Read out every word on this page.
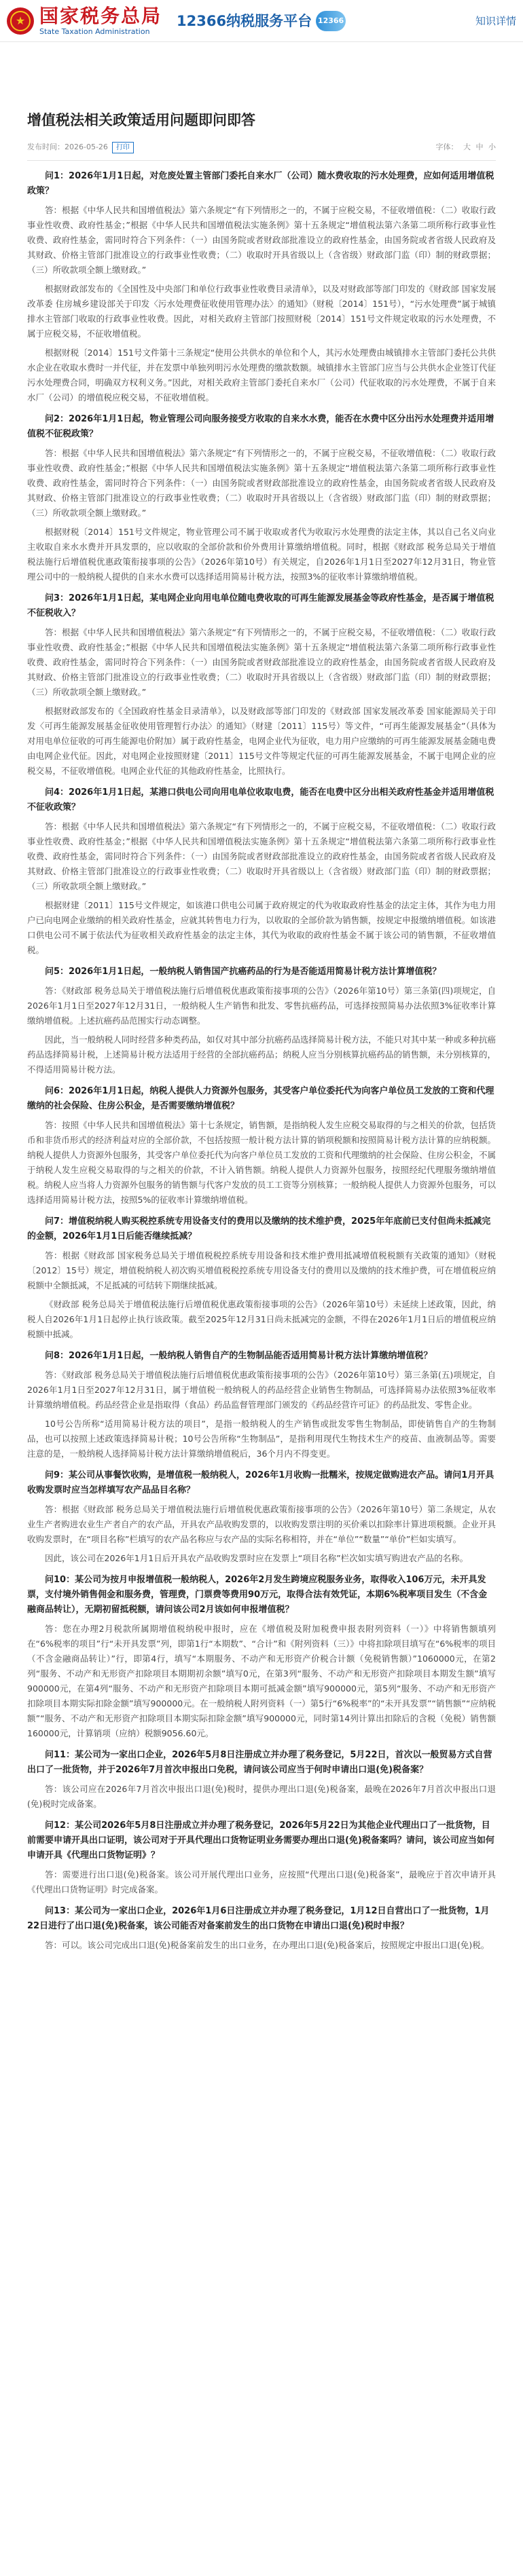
★ 国家税务总局
State Taxation Administration
12366纳税服务平台 12366	知识详情
增值税法相关政策适用问题即问即答
发布时间： 2026-05-26	打印	字体： 大 中 小

问1：2026年1月1日起，对危废处置主管部门委托自来水厂（公司）随水费收取的污水处理费，应如何适用增值税政策？

答：根据《中华人民共和国增值税法》第六条规定“有下列情形之一的，不属于应税交易，不征收增值税：（二）收取行政事业性收费、政府性基金；”根据《中华人民共和国增值税法实施条例》第十五条规定“增值税法第六条第二项所称行政事业性收费、政府性基金，需同时符合下列条件：（一）由国务院或者财政部批准设立的政府性基金，由国务院或者省级人民政府及其财政、价格主管部门批准设立的行政事业性收费；（二）收取时开具省级以上（含省级）财政部门监（印）制的财政票据；（三）所收款项全额上缴财政。”

根据财政部发布的《全国性及中央部门和单位行政事业性收费目录清单》，以及对财政部等部门印发的《财政部 国家发展改革委 住房城乡建设部关于印发〈污水处理费征收使用管理办法〉的通知》（财税〔2014〕151号），“污水处理费”属于城镇排水主管部门收取的行政事业性收费。因此，对相关政府主管部门按照财税〔2014〕151号文件规定收取的污水处理费，不属于应税交易，不征收增值税。

根据财税〔2014〕151号文件第十三条规定“使用公共供水的单位和个人，其污水处理费由城镇排水主管部门委托公共供水企业在收取水费时一并代征，并在发票中单独列明污水处理费的缴款数额。城镇排水主管部门应当与公共供水企业签订代征污水处理费合同，明确双方权利义务。”因此，对相关政府主管部门委托自来水厂（公司）代征收取的污水处理费，不属于自来水厂（公司）的增值税应税交易，不征收增值税。

问2：2026年1月1日起，物业管理公司向服务接受方收取的自来水水费，能否在水费中区分出污水处理费并适用增值税不征税政策？

答：根据《中华人民共和国增值税法》第六条规定“有下列情形之一的，不属于应税交易，不征收增值税：（二）收取行政事业性收费、政府性基金；”根据《中华人民共和国增值税法实施条例》第十五条规定“增值税法第六条第二项所称行政事业性收费、政府性基金，需同时符合下列条件：（一）由国务院或者财政部批准设立的政府性基金，由国务院或者省级人民政府及其财政、价格主管部门批准设立的行政事业性收费；（二）收取时开具省级以上（含省级）财政部门监（印）制的财政票据；（三）所收款项全额上缴财政。”

根据财税〔2014〕151号文件规定，物业管理公司不属于收取或者代为收取污水处理费的法定主体，其以自己名义向业主收取自来水水费并开具发票的，应以收取的全部价款和价外费用计算缴纳增值税。同时，根据《财政部 税务总局关于增值税法施行后增值税优惠政策衔接事项的公告》（2026年第10号）有关规定，自2026年1月1日至2027年12月31日，物业管理公司中的一般纳税人提供的自来水水费可以选择适用简易计税方法，按照3%的征收率计算缴纳增值税。

问3：2026年1月1日起，某电网企业向用电单位随电费收取的可再生能源发展基金等政府性基金，是否属于增值税不征税收入？

答：根据《中华人民共和国增值税法》第六条规定“有下列情形之一的，不属于应税交易，不征收增值税：（二）收取行政事业性收费、政府性基金；”根据《中华人民共和国增值税法实施条例》第十五条规定“增值税法第六条第二项所称行政事业性收费、政府性基金，需同时符合下列条件：（一）由国务院或者财政部批准设立的政府性基金，由国务院或者省级人民政府及其财政、价格主管部门批准设立的行政事业性收费；（二）收取时开具省级以上（含省级）财政部门监（印）制的财政票据；（三）所收款项全额上缴财政。”

根据财政部发布的《全国政府性基金目录清单》，以及财政部等部门印发的《财政部 国家发展改革委 国家能源局关于印发〈可再生能源发展基金征收使用管理暂行办法〉的通知》（财建〔2011〕115号）等文件，“可再生能源发展基金”（具体为对用电单位征收的可再生能源电价附加）属于政府性基金，电网企业代为征收，电力用户应缴纳的可再生能源发展基金随电费由电网企业代征。因此，对电网企业按照财建〔2011〕115号文件等规定代征的可再生能源发展基金，不属于电网企业的应税交易，不征收增值税。电网企业代征的其他政府性基金，比照执行。

问4：2026年1月1日起，某港口供电公司向用电单位收取电费，能否在电费中区分出相关政府性基金并适用增值税不征收政策？

答：根据《中华人民共和国增值税法》第六条规定“有下列情形之一的，不属于应税交易，不征收增值税：（二）收取行政事业性收费、政府性基金；”根据《中华人民共和国增值税法实施条例》第十五条规定“增值税法第六条第二项所称行政事业性收费、政府性基金，需同时符合下列条件：（一）由国务院或者财政部批准设立的政府性基金，由国务院或者省级人民政府及其财政、价格主管部门批准设立的行政事业性收费；（二）收取时开具省级以上（含省级）财政部门监（印）制的财政票据；（三）所收款项全额上缴财政。”

根据财建〔2011〕115号文件规定，如该港口供电公司属于政府规定的代为收取政府性基金的法定主体，其作为电力用户已向电网企业缴纳的相关政府性基金，应就其转售电力行为，以收取的全部价款为销售额，按规定申报缴纳增值税。如该港口供电公司不属于依法代为征收相关政府性基金的法定主体，其代为收取的政府性基金不属于该公司的销售额，不征收增值税。

问5：2026年1月1日起，一般纳税人销售国产抗癌药品的行为是否能适用简易计税方法计算增值税？

答：《财政部 税务总局关于增值税法施行后增值税优惠政策衔接事项的公告》（2026年第10号）第三条第(四)项规定，自2026年1月1日至2027年12月31日，一般纳税人生产销售和批发、零售抗癌药品，可选择按照简易办法依照3%征收率计算缴纳增值税。上述抗癌药品范围实行动态调整。

因此，当一般纳税人同时经营多种类药品，如仅对其中部分抗癌药品选择简易计税方法，不能只对其中某一种或多种抗癌药品选择简易计税，上述简易计税方法适用于经营的全部抗癌药品；纳税人应当分别核算抗癌药品的销售额，未分别核算的，不得适用简易计税方法。

问6：2026年1月1日起，纳税人提供人力资源外包服务，其受客户单位委托代为向客户单位员工发放的工资和代理缴纳的社会保险、住房公积金，是否需要缴纳增值税？

答：按照《中华人民共和国增值税法》第十七条规定，销售额，是指纳税人发生应税交易取得的与之相关的价款，包括货币和非货币形式的经济利益对应的全部价款，不包括按照一般计税方法计算的销项税额和按照简易计税方法计算的应纳税额。纳税人提供人力资源外包服务，其受客户单位委托代为向客户单位员工发放的工资和代理缴纳的社会保险、住房公积金，不属于纳税人发生应税交易取得的与之相关的价款，不计入销售额。纳税人提供人力资源外包服务，按照经纪代理服务缴纳增值税。纳税人应当将人力资源外包服务的销售额与代客户发放的员工工资等分别核算；一般纳税人提供人力资源外包服务，可以选择适用简易计税方法，按照5%的征收率计算缴纳增值税。

问7：增值税纳税人购买税控系统专用设备支付的费用以及缴纳的技术维护费，2025年年底前已支付但尚未抵减完的金额，2026年1月1日后能否继续抵减？

答：根据《财政部 国家税务总局关于增值税税控系统专用设备和技术维护费用抵减增值税税额有关政策的通知》（财税〔2012〕15号）规定，增值税纳税人初次购买增值税税控系统专用设备支付的费用以及缴纳的技术维护费，可在增值税应纳税额中全额抵减，不足抵减的可结转下期继续抵减。

《财政部 税务总局关于增值税法施行后增值税优惠政策衔接事项的公告》（2026年第10号）未延续上述政策，因此，纳税人自2026年1月1日起停止执行该政策。截至2025年12月31日尚未抵减完的金额，不得在2026年1月1日后的增值税应纳税额中抵减。

问8：2026年1月1日起，一般纳税人销售自产的生物制品能否适用简易计税方法计算缴纳增值税？

答：《财政部 税务总局关于增值税法施行后增值税优惠政策衔接事项的公告》（2026年第10号）第三条第(五)项规定，自2026年1月1日至2027年12月31日，属于增值税一般纳税人的药品经营企业销售生物制品，可选择简易办法依照3%征收率计算缴纳增值税。药品经营企业是指取得（食品）药品监督管理部门颁发的《药品经营许可证》的药品批发、零售企业。

10号公告所称“适用简易计税方法的项目”，是指一般纳税人的生产销售或批发零售生物制品，即使销售自产的生物制品，也可以按照上述政策选择简易计税；10号公告所称“生物制品”，是指利用现代生物技术生产的疫苗、血液制品等。需要注意的是，一般纳税人选择简易计税方法计算缴纳增值税后，36个月内不得变更。

问9：某公司从事餐饮收购，是增值税一般纳税人，2026年1月收购一批糯米，按规定做购进农产品。请问1月开具收购发票时应当怎样填写农产品品目名称？

答：根据《财政部 税务总局关于增值税法施行后增值税优惠政策衔接事项的公告》（2026年第10号）第二条规定，从农业生产者购进农业生产者自产的农产品，开具农产品收购发票的，以收购发票注明的买价乘以扣除率计算进项税额。企业开具收购发票时，在“项目名称”栏填写的农产品名称应与农产品的实际名称相符，并在“单位”“数量”“单价”栏如实填写。

因此，该公司在2026年1月1日后开具农产品收购发票时应在发票上“项目名称”栏次如实填写购进农产品的名称。

问10：某公司为按月申报增值税一般纳税人，2026年2月发生跨境应税服务业务，取得收入106万元，未开具发票，支付境外销售佣金和服务费，管理费，门票费等费用90万元，取得合法有效凭证，本期6%税率项目发生（不含金融商品转让），无期初留抵税额，请问该公司2月该如何申报增值税？

答：您在办理2月税款所属期增值税纳税申报时，应在《增值税及附加税费申报表附列资料（一）》中将销售额填列在“6%税率的项目”行“未开具发票”列，即第1行“本期数”、“合计”和《附列资料（三）》中将扣除项目填写在“6%税率的项目（不含金融商品转让）”行，即第4行，填写“本期服务、不动产和无形资产价税合计额（免税销售额）”1060000元，在第2列“服务、不动产和无形资产扣除项目本期期初余额”填写0元，在第3列“服务、不动产和无形资产扣除项目本期发生额”填写900000元，在第4列“服务、不动产和无形资产扣除项目本期可抵减金额”填写900000元，第5列“服务、不动产和无形资产扣除项目本期实际扣除金额”填写900000元。在一般纳税人附列资料（一）第5行“6%税率”的“未开具发票”“销售额”“应纳税额”“服务、不动产和无形资产扣除项目本期实际扣除金额”填写900000元，同时第14列计算出扣除后的含税（免税）销售额160000元，计算销项（应纳）税额9056.60元。

问11：某公司为一家出口企业，2026年5月8日注册成立并办理了税务登记，5月22日，首次以一般贸易方式自营出口了一批货物，并于2026年7月首次申报出口免税，请问该公司应当于何时申请出口退(免)税备案？

答：该公司应在2026年7月首次申报出口退(免)税时，提供办理出口退(免)税备案，最晚在2026年7月首次申报出口退(免)税时完成备案。

问12：某公司2026年5月8日注册成立并办理了税务登记，2026年5月22日为其他企业代理出口了一批货物，目前需要申请开具出口证明，该公司对于开具代理出口货物证明业务需要办理出口退(免)税备案吗？请问，该公司应当如何申请开具《代理出口货物证明》？

答：需要进行出口退(免)税备案。该公司开展代理出口业务，应按照“代理出口退(免)税备案”，最晚应于首次申请开具《代理出口货物证明》时完成备案。

问13：某公司为一家出口企业，2026年1月6日注册成立并办理了税务登记，1月12日自营出口了一批货物，1月22日进行了出口退(免)税备案，该公司能否对备案前发生的出口货物在申请出口退(免)税时申报？

答：可以。该公司完成出口退(免)税备案前发生的出口业务，在办理出口退(免)税备案后，按照规定申报出口退(免)税。
